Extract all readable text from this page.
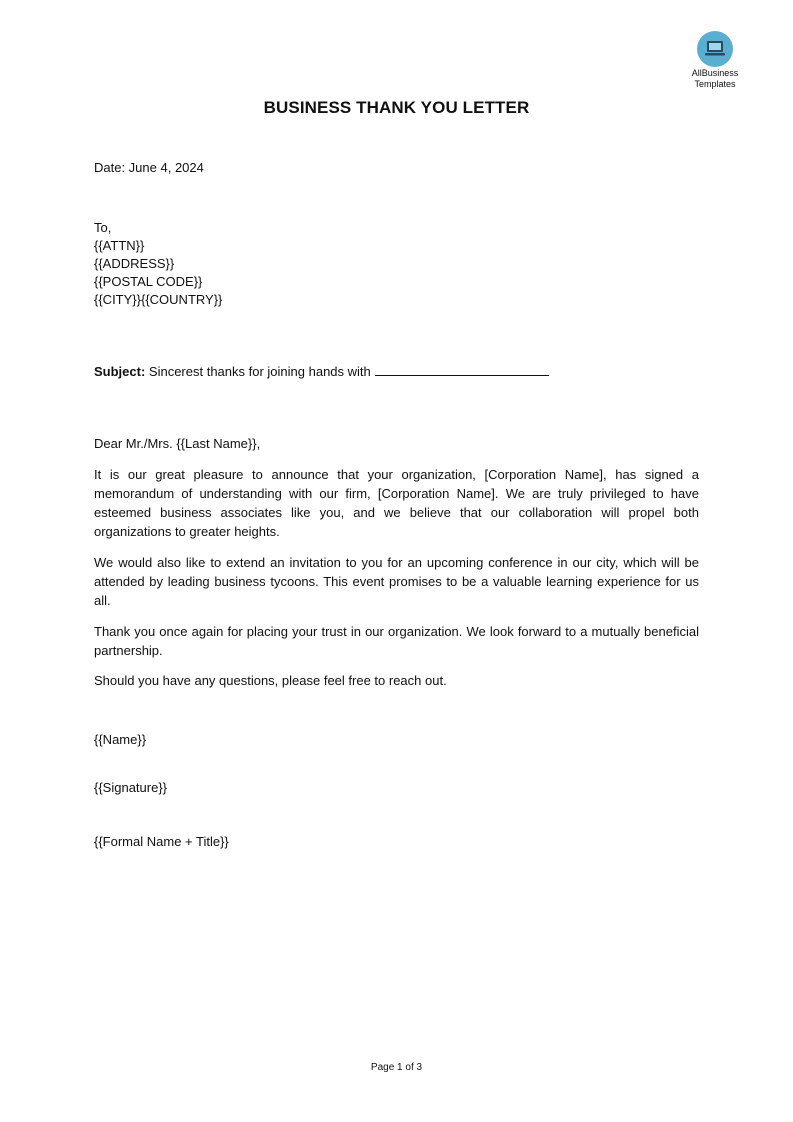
AllBusiness
Templates
BUSINESS THANK YOU LETTER
Date: June 4, 2024
To,
{{ATTN}}
{{ADDRESS}}
{{POSTAL CODE}}
{{CITY}}{{COUNTRY}}
Subject: Sincerest thanks for joining hands with
Dear Mr./Mrs. {{Last Name}},
It is our great pleasure to announce that your organization, [Corporation Name], has signed a memorandum of understanding with our firm, [Corporation Name]. We are truly privileged to have esteemed business associates like you, and we believe that our collaboration will propel both organizations to greater heights.
We would also like to extend an invitation to you for an upcoming conference in our city, which will be attended by leading business tycoons. This event promises to be a valuable learning experience for us all.
Thank you once again for placing your trust in our organization. We look forward to a mutually beneficial partnership.
Should you have any questions, please feel free to reach out.
{{Name}}
{{Signature}}
{{Formal Name + Title}}
Page 1 of 3
